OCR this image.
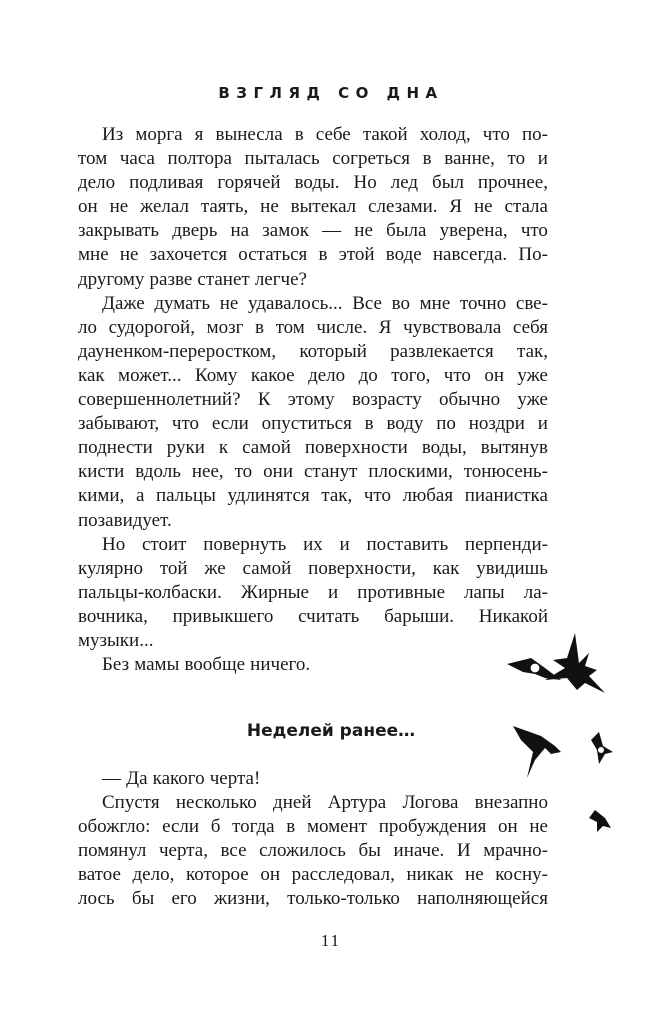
ВЗГЛЯД СО ДНА
Из морга я вынесла в себе такой холод, что по-
том часа полтора пыталась согреться в ванне, то и
дело подливая горячей воды. Но лед был прочнее,
он не желал таять, не вытекал слезами. Я не стала
закрывать дверь на замок — не была уверена, что
мне не захочется остаться в этой воде навсегда. По-
другому разве станет легче?
Даже думать не удавалось... Все во мне точно све-
ло судорогой, мозг в том числе. Я чувствовала себя
дауненком-переростком, который развлекается так,
как может... Кому какое дело до того, что он уже
совершеннолетний? К этому возрасту обычно уже
забывают, что если опуститься в воду по ноздри и
поднести руки к самой поверхности воды, вытянув
кисти вдоль нее, то они станут плоскими, тонюсень-
кими, а пальцы удлинятся так, что любая пианистка
позавидует.
Но стоит повернуть их и поставить перпенди-
кулярно той же самой поверхности, как увидишь
пальцы-колбаски. Жирные и противные лапы ла-
вочника, привыкшего считать барыши. Никакой
музыки...
Без мамы вообще ничего.
Неделей ранее…
— Да какого черта!
Спустя несколько дней Артура Логова внезапно
обожгло: если б тогда в момент пробуждения он не
помянул черта, все сложилось бы иначе. И мрачно-
ватое дело, которое он расследовал, никак не косну-
лось бы его жизни, только-только наполняющейся
11
